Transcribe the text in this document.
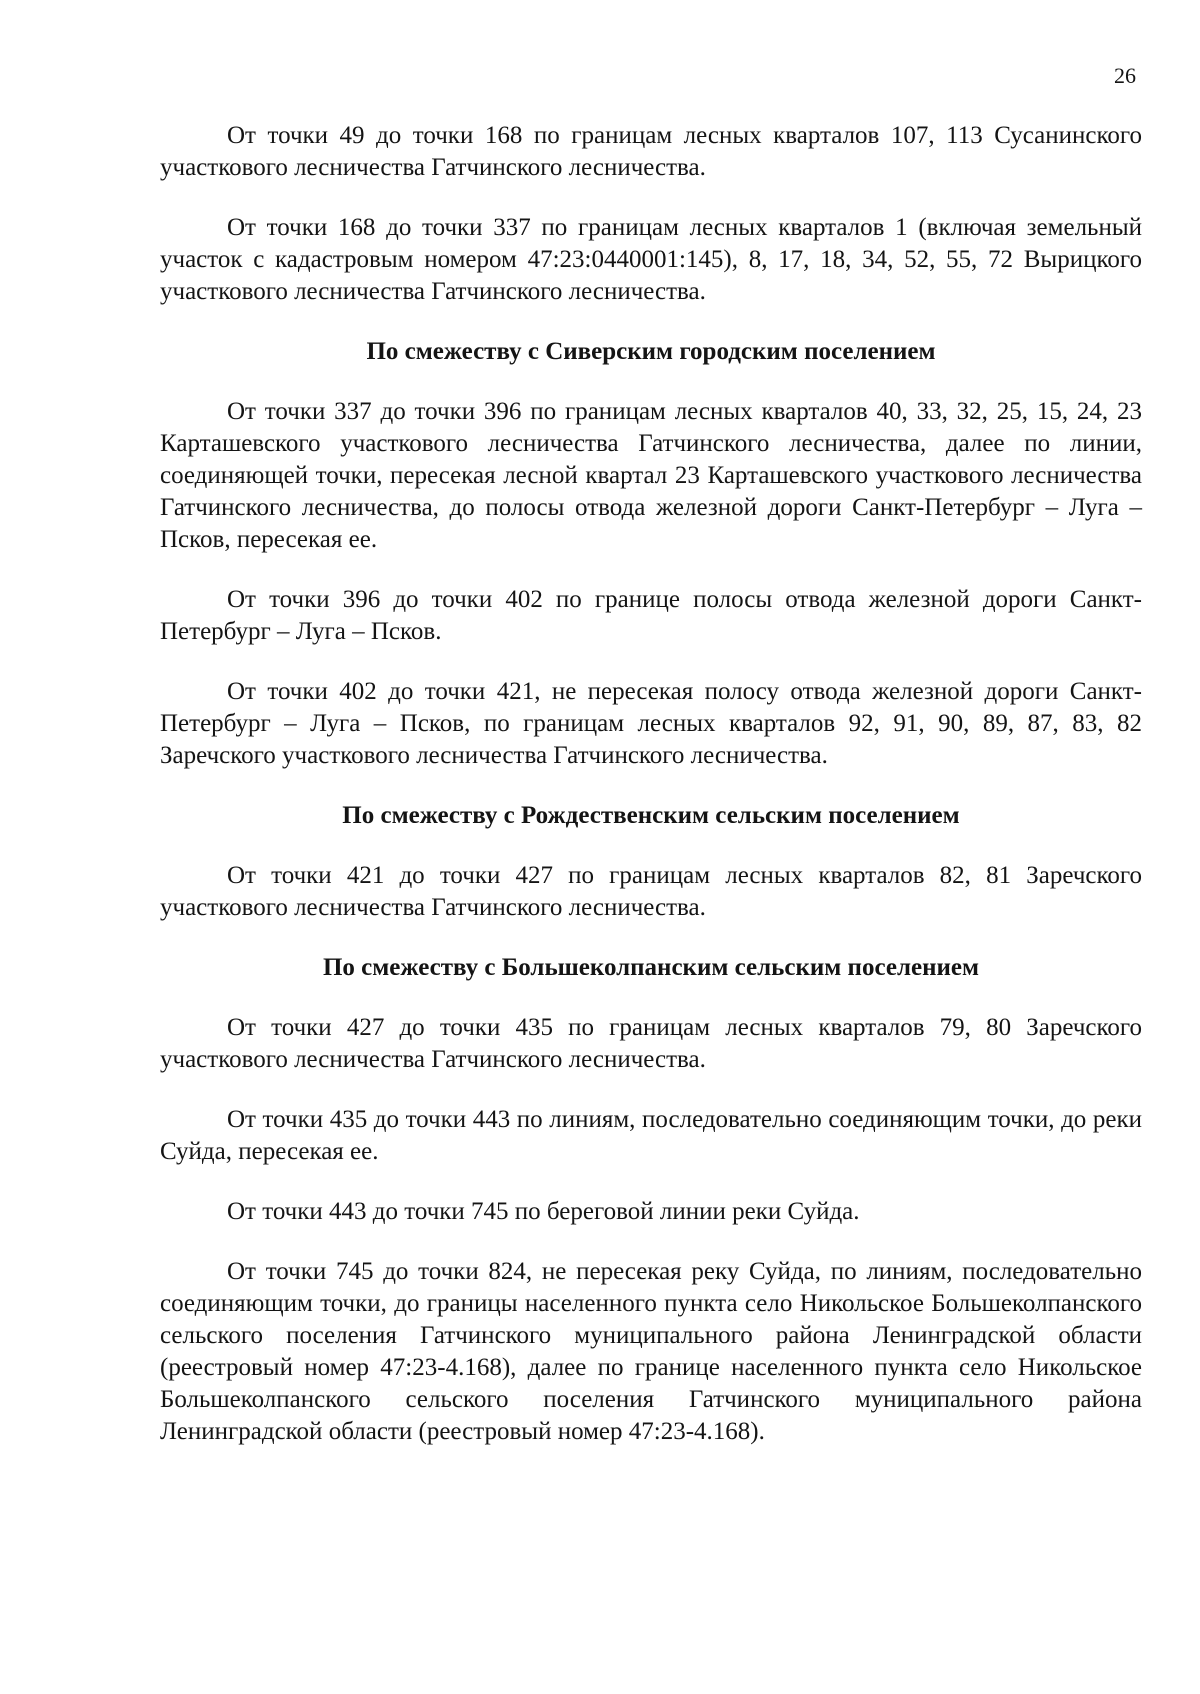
26

От точки 49 до точки 168 по границам лесных кварталов 107, 113 Сусанинского участкового лесничества Гатчинского лесничества.

От точки 168 до точки 337 по границам лесных кварталов 1 (включая земельный участок с кадастровым номером 47:23:0440001:145), 8, 17, 18, 34, 52, 55, 72 Вырицкого участкового лесничества Гатчинского лесничества.

По смежеству с Сиверским городским поселением

От точки 337 до точки 396 по границам лесных кварталов 40, 33, 32, 25, 15, 24, 23 Карташевского участкового лесничества Гатчинского лесничества, далее по линии, соединяющей точки, пересекая лесной квартал 23 Карташевского участкового лесничества Гатчинского лесничества, до полосы отвода железной дороги Санкт-Петербург – Луга – Псков, пересекая ее.

От точки 396 до точки 402 по границе полосы отвода железной дороги Санкт-Петербург – Луга – Псков.

От точки 402 до точки 421, не пересекая полосу отвода железной дороги Санкт-Петербург – Луга – Псков, по границам лесных кварталов 92, 91, 90, 89, 87, 83, 82 Заречского участкового лесничества Гатчинского лесничества.

По смежеству с Рождественским сельским поселением

От точки 421 до точки 427 по границам лесных кварталов 82, 81 Заречского участкового лесничества Гатчинского лесничества.

По смежеству с Большеколпанским сельским поселением

От точки 427 до точки 435 по границам лесных кварталов 79, 80 Заречского участкового лесничества Гатчинского лесничества.

От точки 435 до точки 443 по линиям, последовательно соединяющим точки, до реки Суйда, пересекая ее.

От точки 443 до точки 745 по береговой линии реки Суйда.

От точки 745 до точки 824, не пересекая реку Суйда, по линиям, последовательно соединяющим точки, до границы населенного пункта село Никольское Большеколпанского сельского поселения Гатчинского муниципального района Ленинградской области (реестровый номер 47:23-4.168), далее по границе населенного пункта село Никольское Большеколпанского сельского поселения Гатчинского муниципального района Ленинградской области (реестровый номер 47:23-4.168).
